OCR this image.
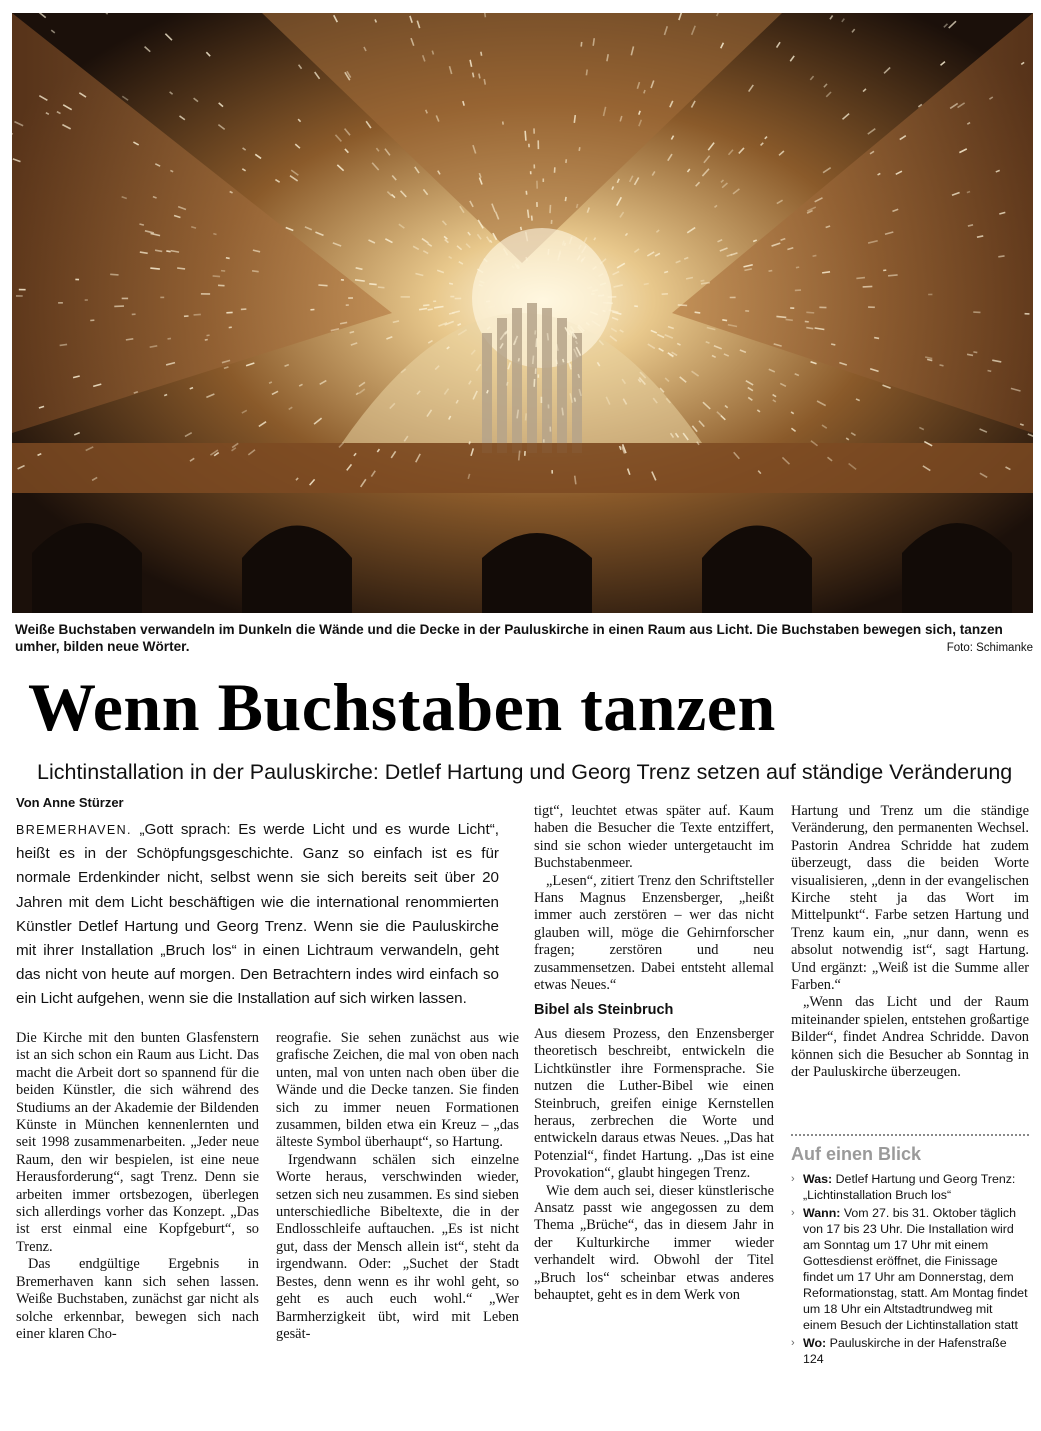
Weiße Buchstaben verwandeln im Dunkeln die Wände und die Decke in der Pauluskirche in einen Raum aus Licht. Die Buchstaben bewegen sich, tanzen umher, bilden neue Wörter.	Foto: Schimanke
Wenn Buchstaben tanzen
Lichtinstallation in der Pauluskirche: Detlef Hartung und Georg Trenz setzen auf ständige Veränderung
Von Anne Stürzer
BREMERHAVEN. „Gott sprach: Es werde Licht und es wurde Licht“, heißt es in der Schöpfungsgeschichte. Ganz so einfach ist es für normale Erdenkinder nicht, selbst wenn sie sich bereits seit über 20 Jahren mit dem Licht beschäftigen wie die international renommierten Künstler Detlef Hartung und Georg Trenz. Wenn sie die Pauluskirche mit ihrer Installation „Bruch los“ in einen Lichtraum verwandeln, geht das nicht von heute auf morgen. Den Betrachtern indes wird einfach so ein Licht aufgehen, wenn sie die Installation auf sich wirken lassen.

Die Kirche mit den bunten Glasfenstern ist an sich schon ein Raum aus Licht. Das macht die Arbeit dort so spannend für die beiden Künstler, die sich während des Studiums an der Akademie der Bildenden Künste in München kennenlernten und seit 1998 zusammenarbeiten. „Jeder neue Raum, den wir bespielen, ist eine neue Herausforderung“, sagt Trenz. Denn sie arbeiten immer ortsbezogen, überlegen sich allerdings vorher das Konzept. „Das ist erst einmal eine Kopfgeburt“, so Trenz.

Das endgültige Ergebnis in Bremerhaven kann sich sehen lassen. Weiße Buchstaben, zunächst gar nicht als solche erkennbar, bewegen sich nach einer klaren Cho-

reografie. Sie sehen zunächst aus wie grafische Zeichen, die mal von oben nach unten, mal von unten nach oben über die Wände und die Decke tanzen. Sie finden sich zu immer neuen Formationen zusammen, bilden etwa ein Kreuz – „das älteste Symbol überhaupt“, so Hartung.

Irgendwann schälen sich einzelne Worte heraus, verschwinden wieder, setzen sich neu zusammen. Es sind sieben unterschiedliche Bibeltexte, die in der Endlosschleife auftauchen. „Es ist nicht gut, dass der Mensch allein ist“, steht da irgendwann. Oder: „Suchet der Stadt Bestes, denn wenn es ihr wohl geht, so geht es auch euch wohl.“ „Wer Barmherzigkeit übt, wird mit Leben gesät-

tigt“, leuchtet etwas später auf. Kaum haben die Besucher die Texte entziffert, sind sie schon wieder untergetaucht im Buchstabenmeer.

„Lesen“, zitiert Trenz den Schriftsteller Hans Magnus Enzensberger, „heißt immer auch zerstören – wer das nicht glauben will, möge die Gehirnforscher fragen; zerstören und neu zusammensetzen. Dabei entsteht allemal etwas Neues.“

Bibel als Steinbruch

Aus diesem Prozess, den Enzensberger theoretisch beschreibt, entwickeln die Lichtkünstler ihre Formensprache. Sie nutzen die Luther-Bibel wie einen Steinbruch, greifen einige Kernstellen heraus, zerbrechen die Worte und entwickeln daraus etwas Neues. „Das hat Potenzial“, findet Hartung. „Das ist eine Provokation“, glaubt hingegen Trenz.

Wie dem auch sei, dieser künstlerische Ansatz passt wie angegossen zu dem Thema „Brüche“, das in diesem Jahr in der Kulturkirche immer wieder verhandelt wird. Obwohl der Titel „Bruch los“ scheinbar etwas anderes behauptet, geht es in dem Werk von

Hartung und Trenz um die ständige Veränderung, den permanenten Wechsel. Pastorin Andrea Schridde hat zudem überzeugt, dass die beiden Worte visualisieren, „denn in der evangelischen Kirche steht ja das Wort im Mittelpunkt“. Farbe setzen Hartung und Trenz kaum ein, „nur dann, wenn es absolut notwendig ist“, sagt Hartung. Und ergänzt: „Weiß ist die Summe aller Farben.“

„Wenn das Licht und der Raum miteinander spielen, entstehen großartige Bilder“, findet Andrea Schridde. Davon können sich die Besucher ab Sonntag in der Pauluskirche überzeugen.

Auf einen Blick
› Was: Detlef Hartung und Georg Trenz: „Lichtinstallation Bruch los“
› Wann: Vom 27. bis 31. Oktober täglich von 17 bis 23 Uhr. Die Installation wird am Sonntag um 17 Uhr mit einem Gottesdienst eröffnet, die Finissage findet um 17 Uhr am Donnerstag, dem Reformationstag, statt. Am Montag findet um 18 Uhr ein Altstadtrundweg mit einem Besuch der Lichtinstallation statt
› Wo: Pauluskirche in der Hafenstraße 124
